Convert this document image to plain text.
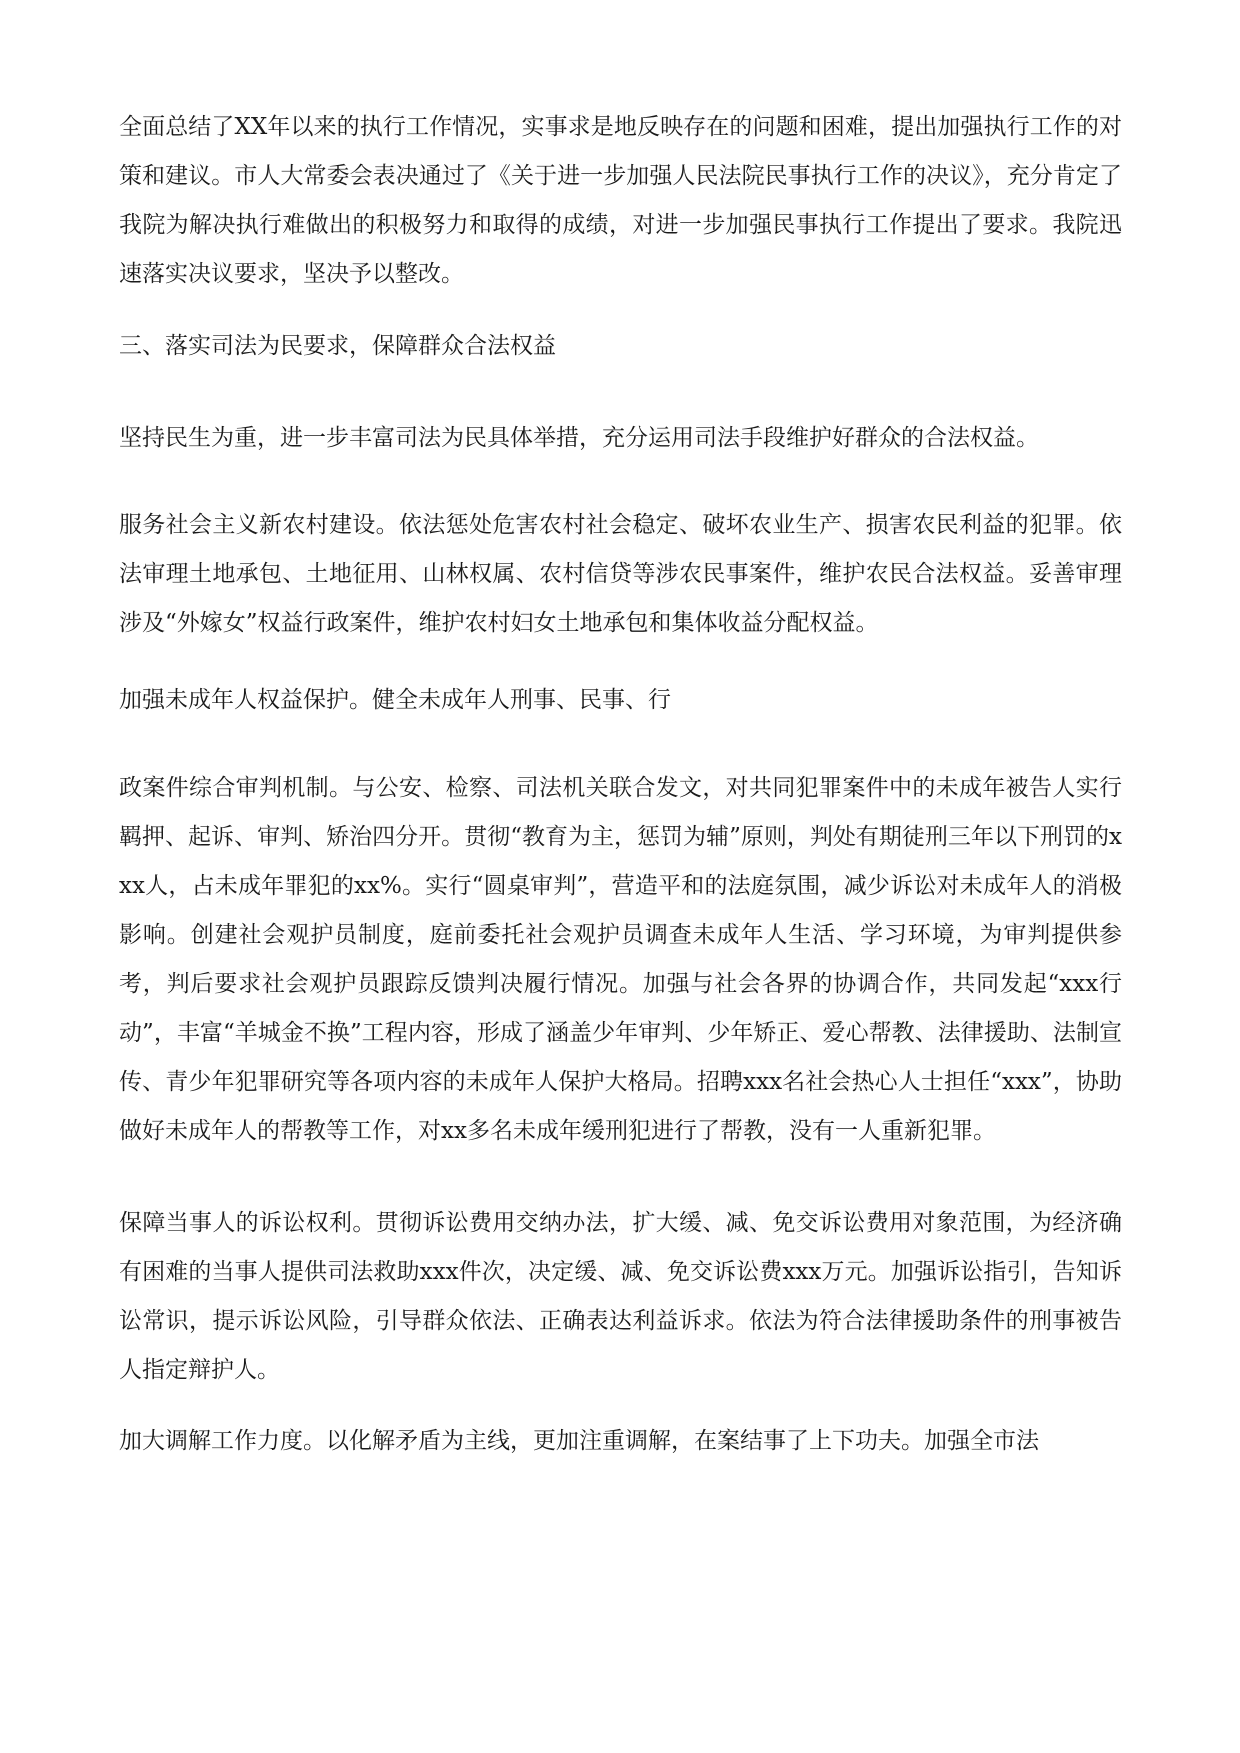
全面总结了XX年以来的执行工作情况，实事求是地反映存在的问题和困难，提出加强执行工作的对策和建议。市人大常委会表决通过了《关于进一步加强人民法院民事执行工作的决议》，充分肯定了我院为解决执行难做出的积极努力和取得的成绩，对进一步加强民事执行工作提出了要求。我院迅速落实决议要求，坚决予以整改。

三、落实司法为民要求，保障群众合法权益

坚持民生为重，进一步丰富司法为民具体举措，充分运用司法手段维护好群众的合法权益。

服务社会主义新农村建设。依法惩处危害农村社会稳定、破坏农业生产、损害农民利益的犯罪。依法审理土地承包、土地征用、山林权属、农村信贷等涉农民事案件，维护农民合法权益。妥善审理涉及“外嫁女”权益行政案件，维护农村妇女土地承包和集体收益分配权益。

加强未成年人权益保护。健全未成年人刑事、民事、行

政案件综合审判机制。与公安、检察、司法机关联合发文，对共同犯罪案件中的未成年被告人实行羁押、起诉、审判、矫治四分开。贯彻“教育为主，惩罚为辅”原则，判处有期徒刑三年以下刑罚的xxx人，占未成年罪犯的xx%。实行“圆桌审判”，营造平和的法庭氛围，减少诉讼对未成年人的消极影响。创建社会观护员制度，庭前委托社会观护员调查未成年人生活、学习环境，为审判提供参考，判后要求社会观护员跟踪反馈判决履行情况。加强与社会各界的协调合作，共同发起“xxx行动”，丰富“羊城金不换”工程内容，形成了涵盖少年审判、少年矫正、爱心帮教、法律援助、法制宣传、青少年犯罪研究等各项内容的未成年人保护大格局。招聘xxx名社会热心人士担任“xxx”，协助做好未成年人的帮教等工作，对xx多名未成年缓刑犯进行了帮教，没有一人重新犯罪。

保障当事人的诉讼权利。贯彻诉讼费用交纳办法，扩大缓、减、免交诉讼费用对象范围，为经济确有困难的当事人提供司法救助xxx件次，决定缓、减、免交诉讼费xxx万元。加强诉讼指引，告知诉讼常识，提示诉讼风险，引导群众依法、正确表达利益诉求。依法为符合法律援助条件的刑事被告人指定辩护人。

加大调解工作力度。以化解矛盾为主线，更加注重调解，在案结事了上下功夫。加强全市法
